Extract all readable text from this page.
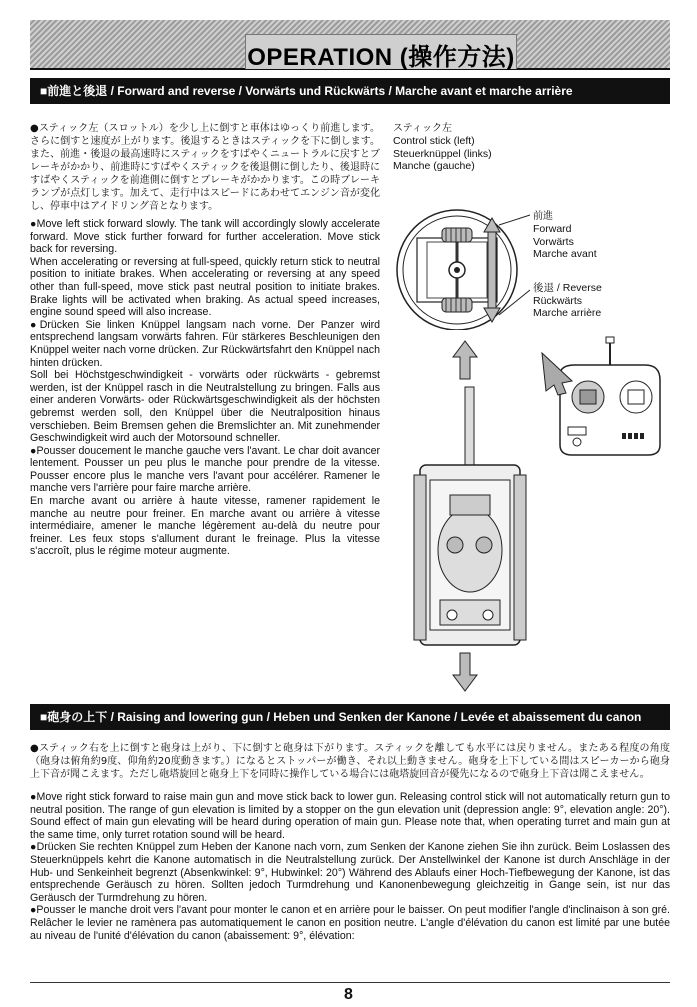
OPERATION (操作方法)
■前進と後退 / Forward and reverse / Vorwärts und Rückwärts / Marche avant et marche arrière

●スティック左（スロットル）を少し上に倒すと車体はゆっくり前進します。さらに倒すと速度が上がります。後退するときはスティックを下に倒します。また、前進・後退の最高速時にスティックをすばやくニュートラルに戻すとブレーキがかかり、前進時にすばやくスティックを後退側に倒したり、後退時にすばやくスティックを前進側に倒すとブレーキがかかります。この時ブレーキランプが点灯します。加えて、走行中はスピードにあわせてエンジン音が変化し、停車中はアイドリング音となります。

●Move left stick forward slowly. The tank will accordingly slowly accelerate forward. Move stick further forward for further acceleration. Move stick back for reversing.

When accelerating or reversing at full-speed, quickly return stick to neutral position to initiate brakes. When accelerating or reversing at any speed other than full-speed, move stick past neutral position to initiate brakes. Brake lights will be activated when braking. As actual speed increases, engine sound speed will also increase.

●Drücken Sie linken Knüppel langsam nach vorne. Der Panzer wird entsprechend langsam vorwärts fahren. Für stärkeres Beschleunigen den Knüppel weiter nach vorne drücken. Zur Rückwärtsfahrt den Knüppel nach hinten drücken.

Soll bei Höchstgeschwindigkeit - vorwärts oder rückwärts - gebremst werden, ist der Knüppel rasch in die Neutralstellung zu bringen. Falls aus einer anderen Vorwärts- oder Rückwärtsgeschwindigkeit als der höchsten gebremst werden soll, den Knüppel über die Neutralposition hinaus verschieben. Beim Bremsen gehen die Bremslichter an. Mit zunehmender Geschwindigkeit wird auch der Motorsound schneller.

●Pousser doucement le manche gauche vers l'avant. Le char doit avancer lentement. Pousser un peu plus le manche pour prendre de la vitesse. Pousser encore plus le manche vers l'avant pour accélérer. Ramener le manche vers l'arrière pour faire marche arrière.

En marche avant ou arrière à haute vitesse, ramener rapidement le manche au neutre pour freiner. En marche avant ou arrière à vitesse intermédiaire, amener le manche légèrement au-delà du neutre pour freiner. Les feux stops s'allument durant le freinage. Plus la vitesse s'accroît, plus le régime moteur augmente.

スティック左
Control stick (left)
Steuerknüppel (links)
Manche (gauche)
前進
Forward
Vorwärts
Marche avant
後退 / Reverse
Rückwärts
Marche arrière
■砲身の上下 / Raising and lowering gun / Heben und Senken der Kanone / Levée et abaissement du canon

●スティック右を上に倒すと砲身は上がり、下に倒すと砲身は下がります。スティックを離しても水平には戻りません。またある程度の角度（砲身は俯角約9度、仰角約20度動きます。）になるとストッパーが働き、それ以上動きません。砲身を上下している間はスピーカーから砲身上下音が聞こえます。ただし砲塔旋回と砲身上下を同時に操作している場合には砲塔旋回音が優先になるので砲身上下音は聞こえません。

●Move right stick forward to raise main gun and move stick back to lower gun. Releasing control stick will not automatically return gun to neutral position. The range of gun elevation is limited by a stopper on the gun elevation unit (depression angle: 9°, elevation angle: 20°). Sound effect of main gun elevating will be heard during operation of main gun. Please note that, when operating turret and main gun at the same time, only turret rotation sound will be heard.

●Drücken Sie rechten Knüppel zum Heben der Kanone nach vorn, zum Senken der Kanone ziehen Sie ihn zurück. Beim Loslassen des Steuerknüppels kehrt die Kanone automatisch in die Neutralstellung zurück. Der Anstellwinkel der Kanone ist durch Anschläge in der Hub- und Senkeinheit begrenzt (Absenkwinkel: 9°, Hubwinkel: 20°) Während des Ablaufs einer Hoch-Tiefbewegung der Kanone, ist das entsprechende Geräusch zu hören. Sollten jedoch Turmdrehung und Kanonenbewegung gleichzeitig in Gange sein, ist nur das Geräusch der Turmdrehung zu hören.

●Pousser le manche droit vers l'avant pour monter le canon et en arrière pour le baisser. On peut modifier l'angle d'inclinaison à son gré. Relâcher le levier ne ramènera pas automatiquement le canon en position neutre. L'angle d'élévation du canon est limité par une butée au niveau de l'unité d'élévation du canon (abaissement: 9°, élévation:

8
